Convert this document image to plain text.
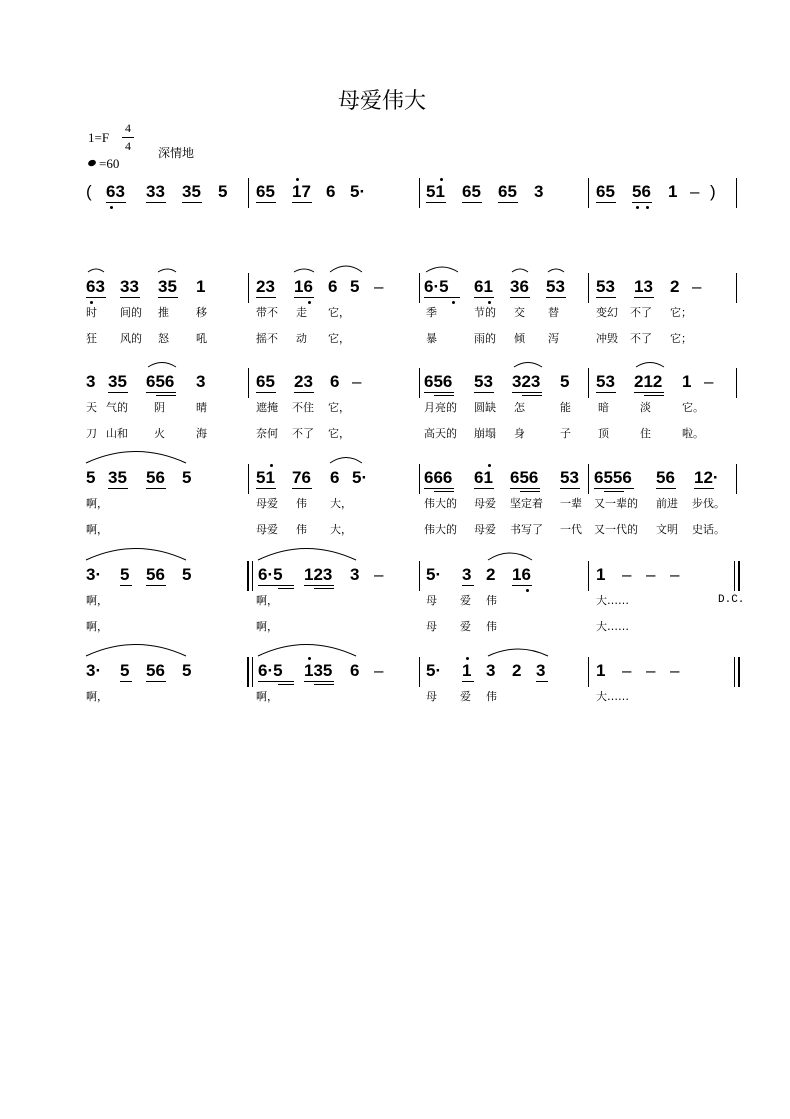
母爱伟大
1=F
4
4
=60
深情地
( 63 33 35 5 65 17 6 5·	51 65 65 3	65 56 1 – )
63 33 35 1	23 16 6 5 – 6·5 61 36 53 53 13 2 –
时 间的 推 移	带不 走 它，	季	节的 交 替	变幻 不了 它；
狂 风的 怒 吼	摇不 动 它，	暴	雨的 倾 泻	冲毁 不了 它；
3 35 656 3	65 23 6 –	656 53 323 5 53 212 1 –
天 气的 阴	晴	遮掩 不住 它，	月亮的 圆缺 怎	能 暗	淡	它。
刀 山和 火	海	奈何 不了 它，	高天的 崩塌 身	子 顶	住	啦。
5 35 56 5	51 76 6 5·	666 61 656 53 6556 56 12·
啊，	母爱 伟 大，	伟大的 母爱 坚定着 一辈 又一辈的 前进 步伐。
啊，	母爱 伟 大，	伟大的 母爱 书写了 一代 又一代的 文明 史话。
3· 5 56 5	6·5 123 3 –	5· 3 2 16	1 – – –
啊，	啊，	母 爱 伟	大……	D.C.
啊，	啊，	母 爱 伟	大……
3· 5 56 5	6·5 135 6 –	5· 1 3 2 3	1 – – –
啊，	啊，	母 爱 伟	大……
